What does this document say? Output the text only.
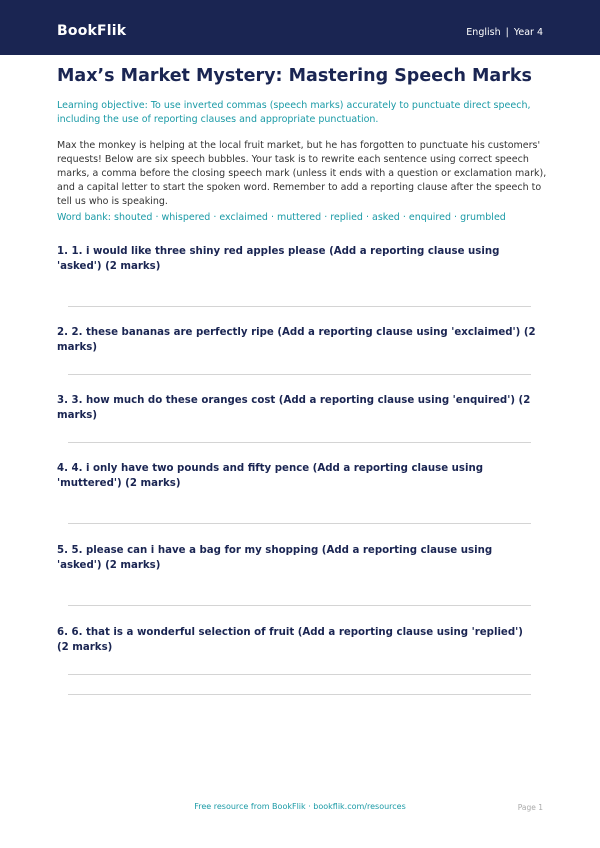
BookFlik	English | Year 4
Max’s Market Mystery: Mastering Speech Marks
Learning objective: To use inverted commas (speech marks) accurately to punctuate direct speech, including the use of reporting clauses and appropriate punctuation.
Max the monkey is helping at the local fruit market, but he has forgotten to punctuate his customers' requests! Below are six speech bubbles. Your task is to rewrite each sentence using correct speech marks, a comma before the closing speech mark (unless it ends with a question or exclamation mark), and a capital letter to start the spoken word. Remember to add a reporting clause after the speech to tell us who is speaking.
Word bank: shouted · whispered · exclaimed · muttered · replied · asked · enquired · grumbled
1. 1. i would like three shiny red apples please (Add a reporting clause using 'asked') (2 marks)
2. 2. these bananas are perfectly ripe (Add a reporting clause using 'exclaimed') (2 marks)
3. 3. how much do these oranges cost (Add a reporting clause using 'enquired') (2 marks)
4. 4. i only have two pounds and fifty pence (Add a reporting clause using 'muttered') (2 marks)
5. 5. please can i have a bag for my shopping (Add a reporting clause using 'asked') (2 marks)
6. 6. that is a wonderful selection of fruit (Add a reporting clause using 'replied') (2 marks)
Free resource from BookFlik · bookflik.com/resources	Page 1
